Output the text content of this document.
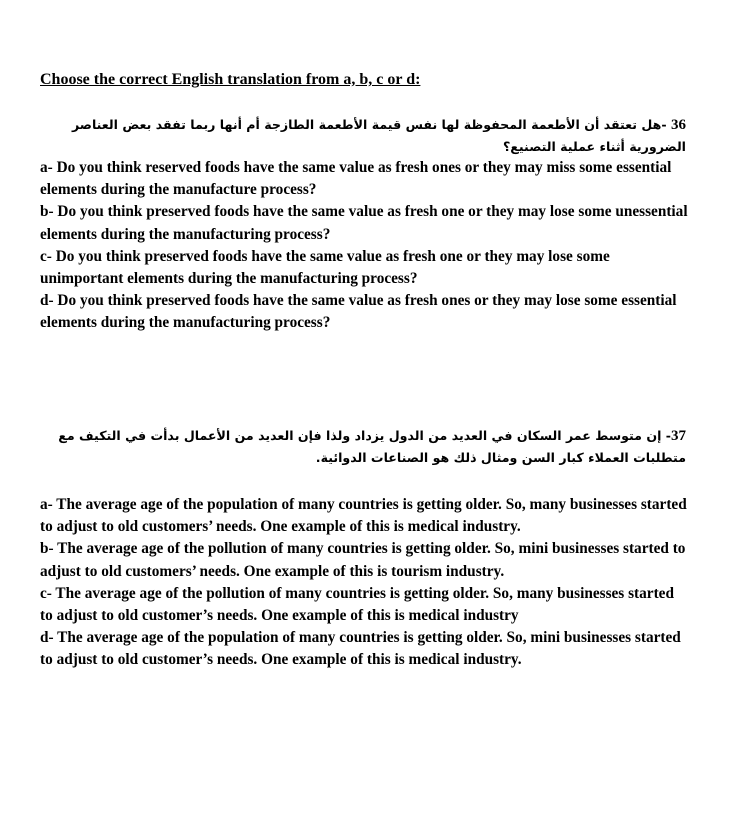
Choose the correct English translation from a, b, c or d:
36 -هل تعتقد أن الأطعمة المحفوظة لها نفس قيمة الأطعمة الطازجة أم أنها ربما تفقد بعض العناصر الضرورية أثناء عملية التصنيع؟

a- Do you think reserved foods have the same value as fresh ones or they may miss some essential elements during the manufacture process?

b- Do you think preserved foods have the same value as fresh one or they may lose some unessential elements during the manufacturing process?

c- Do you think preserved foods have the same value as fresh one or they may lose some unimportant elements during the manufacturing process?

d- Do you think preserved foods have the same value as fresh ones or they may lose some essential elements during the manufacturing process?

37- إن متوسط عمر السكان في العديد من الدول يزداد ولذا فإن العديد من الأعمال بدأت في التكيف مع متطلبات العملاء كبار السن ومثال ذلك هو الصناعات الدوائية.

a- The average age of the population of many countries is getting older. So, many businesses started to adjust to old customers’ needs. One example of this is medical industry.

b- The average age of the pollution of many countries is getting older. So, mini businesses started to adjust to old customers’ needs. One example of this is tourism industry.

c- The average age of the pollution of many countries is getting older. So, many businesses started to adjust to old customer’s needs. One example of this is medical industry

d- The average age of the population of many countries is getting older. So, mini businesses started to adjust to old customer’s needs. One example of this is medical industry.
